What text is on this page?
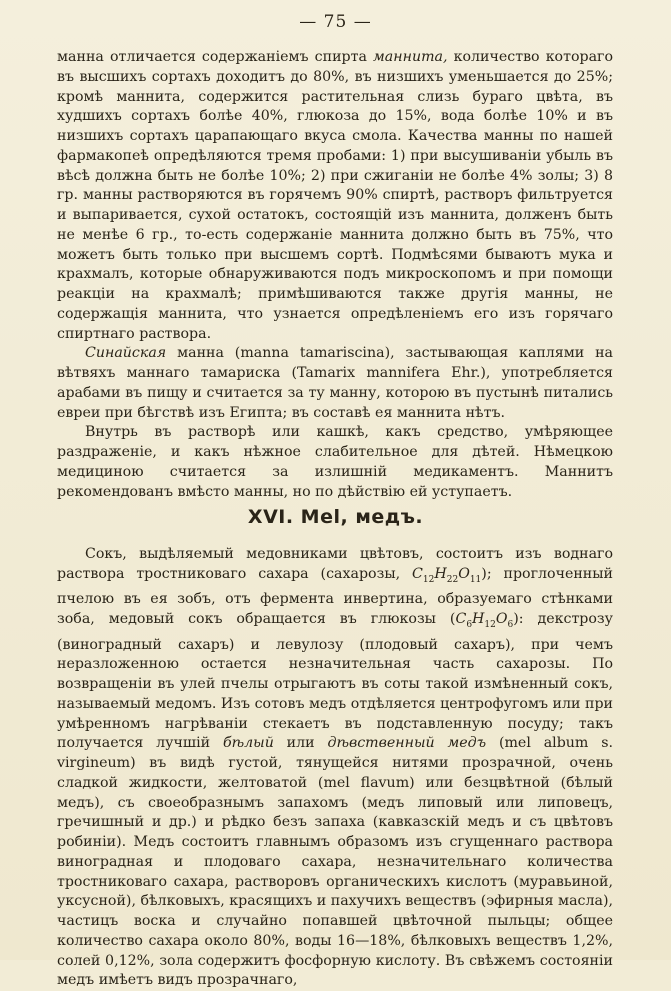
— 75 —

манна отличается содержанiемъ спирта маннита, количество котораго въ высшихъ сортахъ доходитъ до 80%, въ низшихъ уменьшается до 25%; кромѣ маннита, содержится растительная слизь бураго цвѣта, въ худшихъ сортахъ болѣе 40%, глюкоза до 15%, вода болѣе 10% и въ низшихъ сортахъ царапающаго вкуса смола. Качества манны по нашей фармакопеѣ опредѣляются тремя пробами: 1) при высушиванiи убыль въ вѣсѣ должна быть не болѣе 10%; 2) при сжиганiи не болѣе 4% золы; 3) 8 гр. манны растворяются въ горячемъ 90% спиртѣ, растворъ фильтруется и выпаривается, сухой остатокъ, состоящiй изъ маннита, долженъ быть не менѣе 6 гр., то-есть содержанiе маннита должно быть въ 75%, что можетъ быть только при высшемъ сортѣ. Подмѣсями бываютъ мука и крахмалъ, которые обнаруживаются подъ микроскопомъ и при помощи реакцiи на крахмалѣ; примѣшиваются также другiя манны, не содержащiя маннита, что узнается опредѣленiемъ его изъ горячаго спиртнаго раствора.

Синайская манна (manna tamariscina), застывающая каплями на вѣтвяхъ маннаго тамариска (Tamarix mannifera Ehr.), употребляется арабами въ пищу и считается за ту манну, которою въ пустынѣ питались евреи при бѣгствѣ изъ Египта; въ составѣ ея маннита нѣтъ.

Внутрь въ растворѣ или кашкѣ, какъ средство, умѣряющее раздраженiе, и какъ нѣжное слабительное для дѣтей. Нѣмецкою медициною считается за излишнiй медикаментъ. Маннитъ рекомендованъ вмѣсто манны, но по дѣйствiю ей уступаетъ.

XVI. Mel, медъ.

Сокъ, выдѣляемый медовниками цвѣтовъ, состоитъ изъ воднаго раствора тростниковаго сахара (сахарозы, $C_{12}H_{22}O_{11}$); проглоченный пчелою въ ея зобъ, отъ фермента инвертина, образуемаго стѣнками зоба, медовый сокъ обращается въ глюкозы $(C_6H_{12}O_6)$: декстрозу (виноградный сахаръ) и левулозу (плодовый сахаръ), при чемъ неразложенною остается незначительная часть сахарозы. По возвращенiи въ улей пчелы отрыгаютъ въ соты такой измѣненный сокъ, называемый медомъ. Изъ сотовъ медъ отдѣляется центрофугомъ или при умѣренномъ нагрѣванiи стекаетъ въ подставленную посуду; такъ получается лучшiй бѣлый или дѣвственный медъ (mel album s. virgineum) въ видѣ густой, тянущейся нитями прозрачной, очень сладкой жидкости, желтоватой (mel flavum) или безцвѣтной (бѣлый медъ), съ своеобразнымъ запахомъ (медъ липовый или липовецъ, гречишный и др.) и рѣдко безъ запаха (кавказскiй медъ и съ цвѣтовъ робинiи). Медъ состоитъ главнымъ образомъ изъ сгущеннаго раствора виноградная и плодоваго сахара, незначительнаго количества тростниковаго сахара, растворовъ органическихъ кислотъ (муравьиной, уксусной), бѣлковыхъ, красящихъ и пахучихъ веществъ (эфирныя масла), частицъ воска и случайно попавшей цвѣточной пыльцы; общее количество сахара около 80%, воды 16—18%, бѣлковыхъ веществъ 1,2%, солей 0,12%, зола содержитъ фосфорную кислоту. Въ свѣжемъ состоянiи медъ имѣетъ видъ прозрачнаго,
